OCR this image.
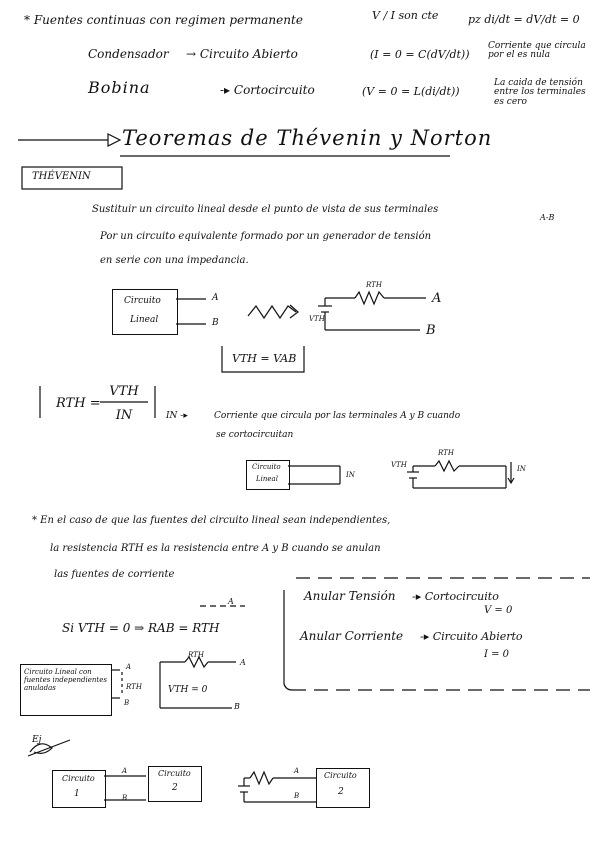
* Fuentes continuas con regimen permanente	V / I son cte	pz di/dt = dV/dt = 0
Condensador → Circuito Abierto	(I = 0 = C(dV/dt))
Corriente que circula por el es nula
Bobina	-▸ Cortocircuito	(V = 0 = L(di/dt))
La caida de tensión entre los terminales es cero
Teoremas de Thévenin y Norton
THÉVENIN
Sustituir un circuito lineal desde el punto de vista de sus terminales
A-B
Por un circuito equivalente formado por un generador de tensión
en serie con una impedancia.
Circuito
Lineal
A
B
RTH
VTH
A
B
VTH = VAB
RTH =
VTH
IN	IN -▸	Corriente que circula por las terminales A y B cuando
se cortocircuitan
Circuito
Lineal	IN
RTH
VTH	IN
* En el caso de que las fuentes del circuito lineal sean independientes,
la resistencia RTH es la resistencia entre A y B cuando se anulan
las fuentes de corriente
Anular Tensión -▸ Cortocircuito
V = 0
Anular Corriente -▸ Circuito Abierto
I = 0
A
Si VTH = 0 ⇒ RAB = RTH
Circuito Lineal con fuentes independientes anuladas
A
RTH
B
RTH
VTH = 0
A
B
Ej
Circuito
1
A
B
Circuito
2
A
B
Circuito
2
